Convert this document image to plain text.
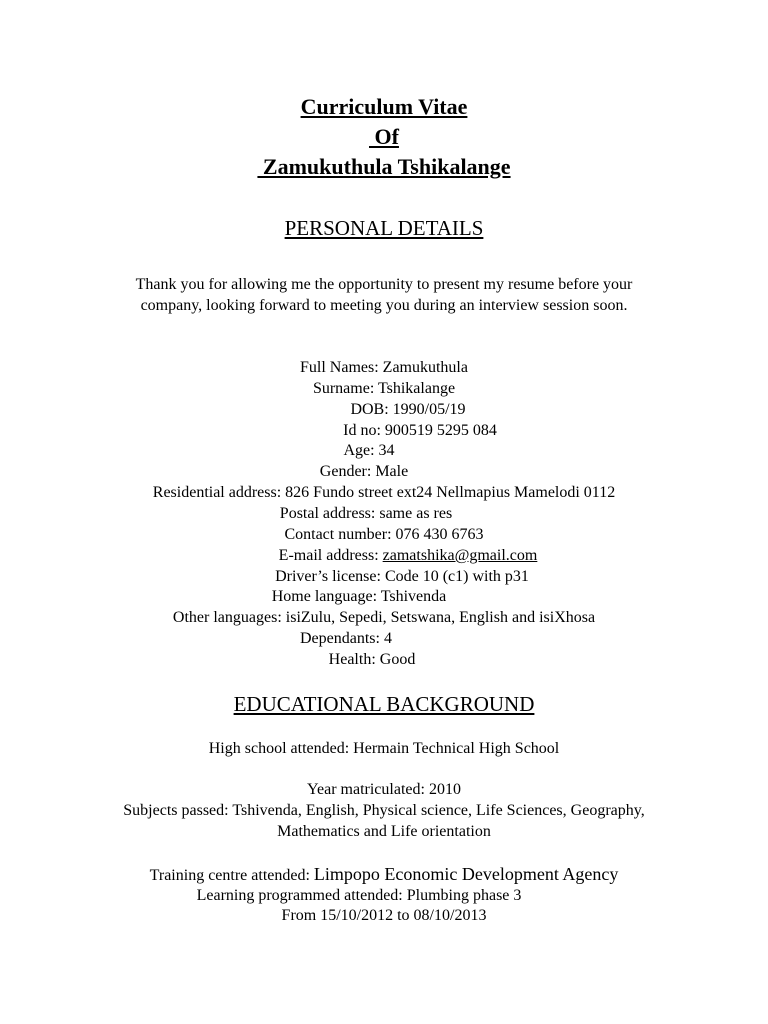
Curriculum Vitae
Of
Zamukuthula Tshikalange
PERSONAL DETAILS
Thank you for allowing me the opportunity to present my resume before your
company, looking forward to meeting you during an interview session soon.
Full Names: Zamukuthula
Surname: Tshikalange
DOB: 1990/05/19
Id no: 900519 5295 084
Age: 34
Gender: Male
Residential address: 826 Fundo street ext24 Nellmapius Mamelodi 0112
Postal address: same as res
Contact number: 076 430 6763
E-mail address: zamatshika@gmail.com
Driver’s license: Code 10 (c1) with p31
Home language: Tshivenda
Other languages: isiZulu, Sepedi, Setswana, English and isiXhosa
Dependants: 4
Health: Good
EDUCATIONAL BACKGROUND
High school attended: Hermain Technical High School
Year matriculated: 2010
Subjects passed: Tshivenda, English, Physical science, Life Sciences, Geography,
Mathematics and Life orientation
Training centre attended: Limpopo Economic Development Agency
Learning programmed attended: Plumbing phase 3
From 15/10/2012 to 08/10/2013
